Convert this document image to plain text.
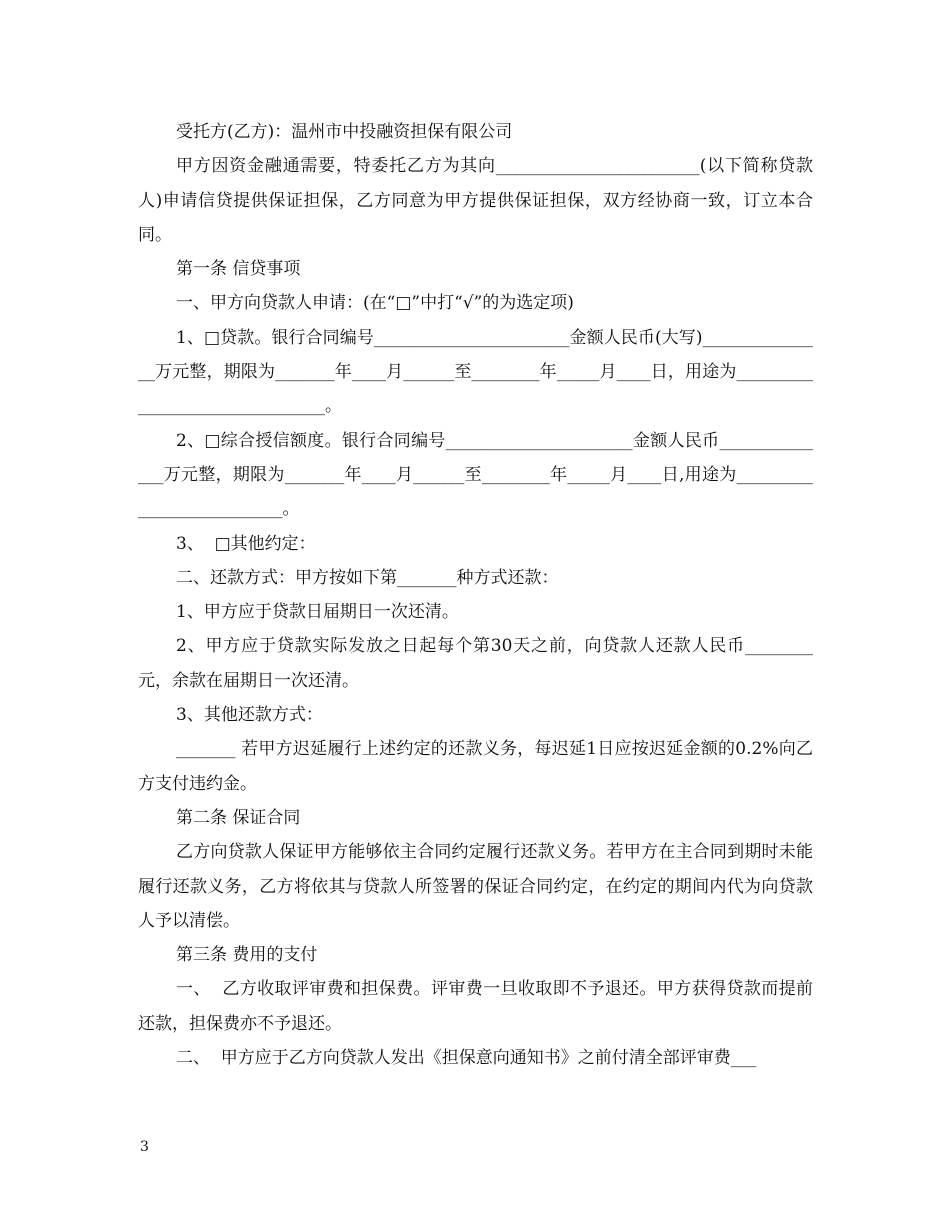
受托方(乙方)：温州市中投融资担保有限公司

甲方因资金融通需要，特委托乙方为其向________________________(以下简称贷款人)申请信贷提供保证担保，乙方同意为甲方提供保证担保，双方经协商一致，订立本合同。

第一条 信贷事项

一、甲方向贷款人申请：(在“□”中打“√”的为选定项)

1、□贷款。银行合同编号_______________________金额人民币(大写)_______________万元整，期限为_______年____月______至________年_____月____日，用途为_______________________________。

2、□综合授信额度。银行合同编号______________________金额人民币______________万元整，期限为_______年____月______至________年_____月____日,用途为__________________________。

3、  □其他约定：

二、还款方式：甲方按如下第_______种方式还款：

1、甲方应于贷款日届期日一次还清。

2、甲方应于贷款实际发放之日起每个第30天之前，向贷款人还款人民币________元，余款在届期日一次还清。

3、其他还款方式：

_______ 若甲方迟延履行上述约定的还款义务，每迟延1日应按迟延金额的0.2%向乙方支付违约金。

第二条 保证合同

乙方向贷款人保证甲方能够依主合同约定履行还款义务。若甲方在主合同到期时未能履行还款义务，乙方将依其与贷款人所签署的保证合同约定，在约定的期间内代为向贷款人予以清偿。

第三条 费用的支付

一、  乙方收取评审费和担保费。评审费一旦收取即不予退还。甲方获得贷款而提前还款，担保费亦不予退还。

二、  甲方应于乙方向贷款人发出《担保意向通知书》之前付清全部评审费___

3
